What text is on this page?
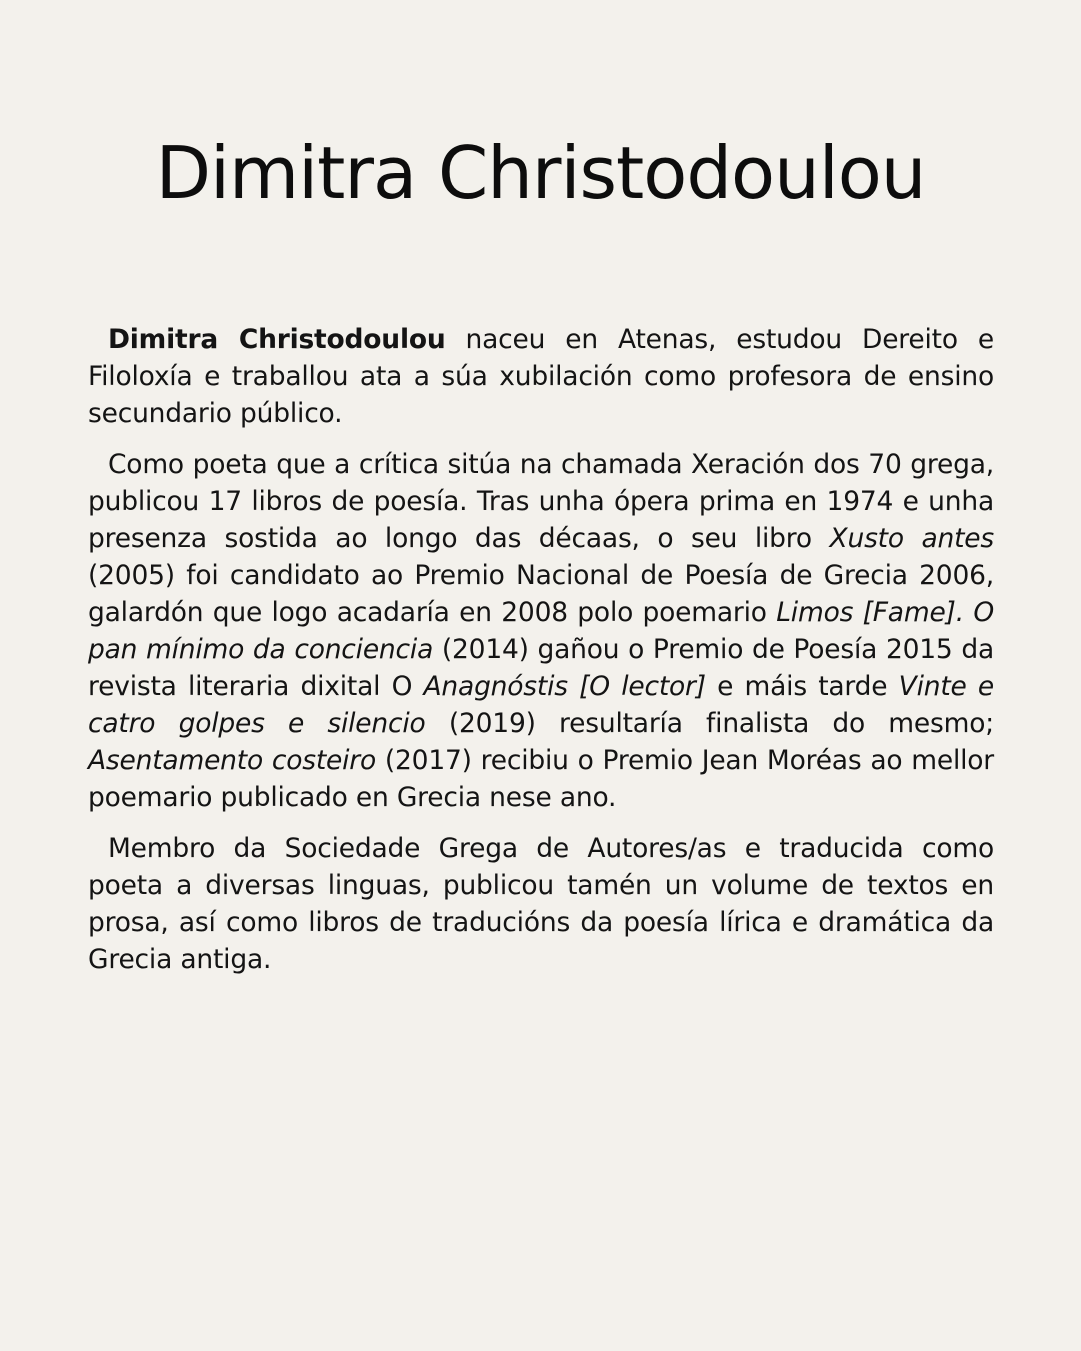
Dimitra Christodoulou

Dimitra Christodoulou naceu en Atenas, estudou Dereito e Filoloxía e traballou ata a súa xubilación como profesora de ensino secundario público.

Como poeta que a crítica sitúa na chamada Xeración dos 70 grega, publicou 17 libros de poesía. Tras unha ópera prima en 1974 e unha presenza sostida ao longo das décaas, o seu libro Xusto antes (2005) foi candidato ao Premio Nacional de Poesía de Grecia 2006, galardón que logo acadaría en 2008 polo poemario Limos [Fame]. O pan mínimo da conciencia (2014) gañou o Premio de Poesía 2015 da revista literaria dixital O Anagnóstis [O lector] e máis tarde Vinte e catro golpes e silencio (2019) resultaría finalista do mesmo; Asentamento costeiro (2017) recibiu o Premio Jean Moréas ao mellor poemario publicado en Grecia nese ano.

Membro da Sociedade Grega de Autores/as e traducida como poeta a diversas linguas, publicou tamén un volume de textos en prosa, así como libros de traducións da poesía lírica e dramática da Grecia antiga.
